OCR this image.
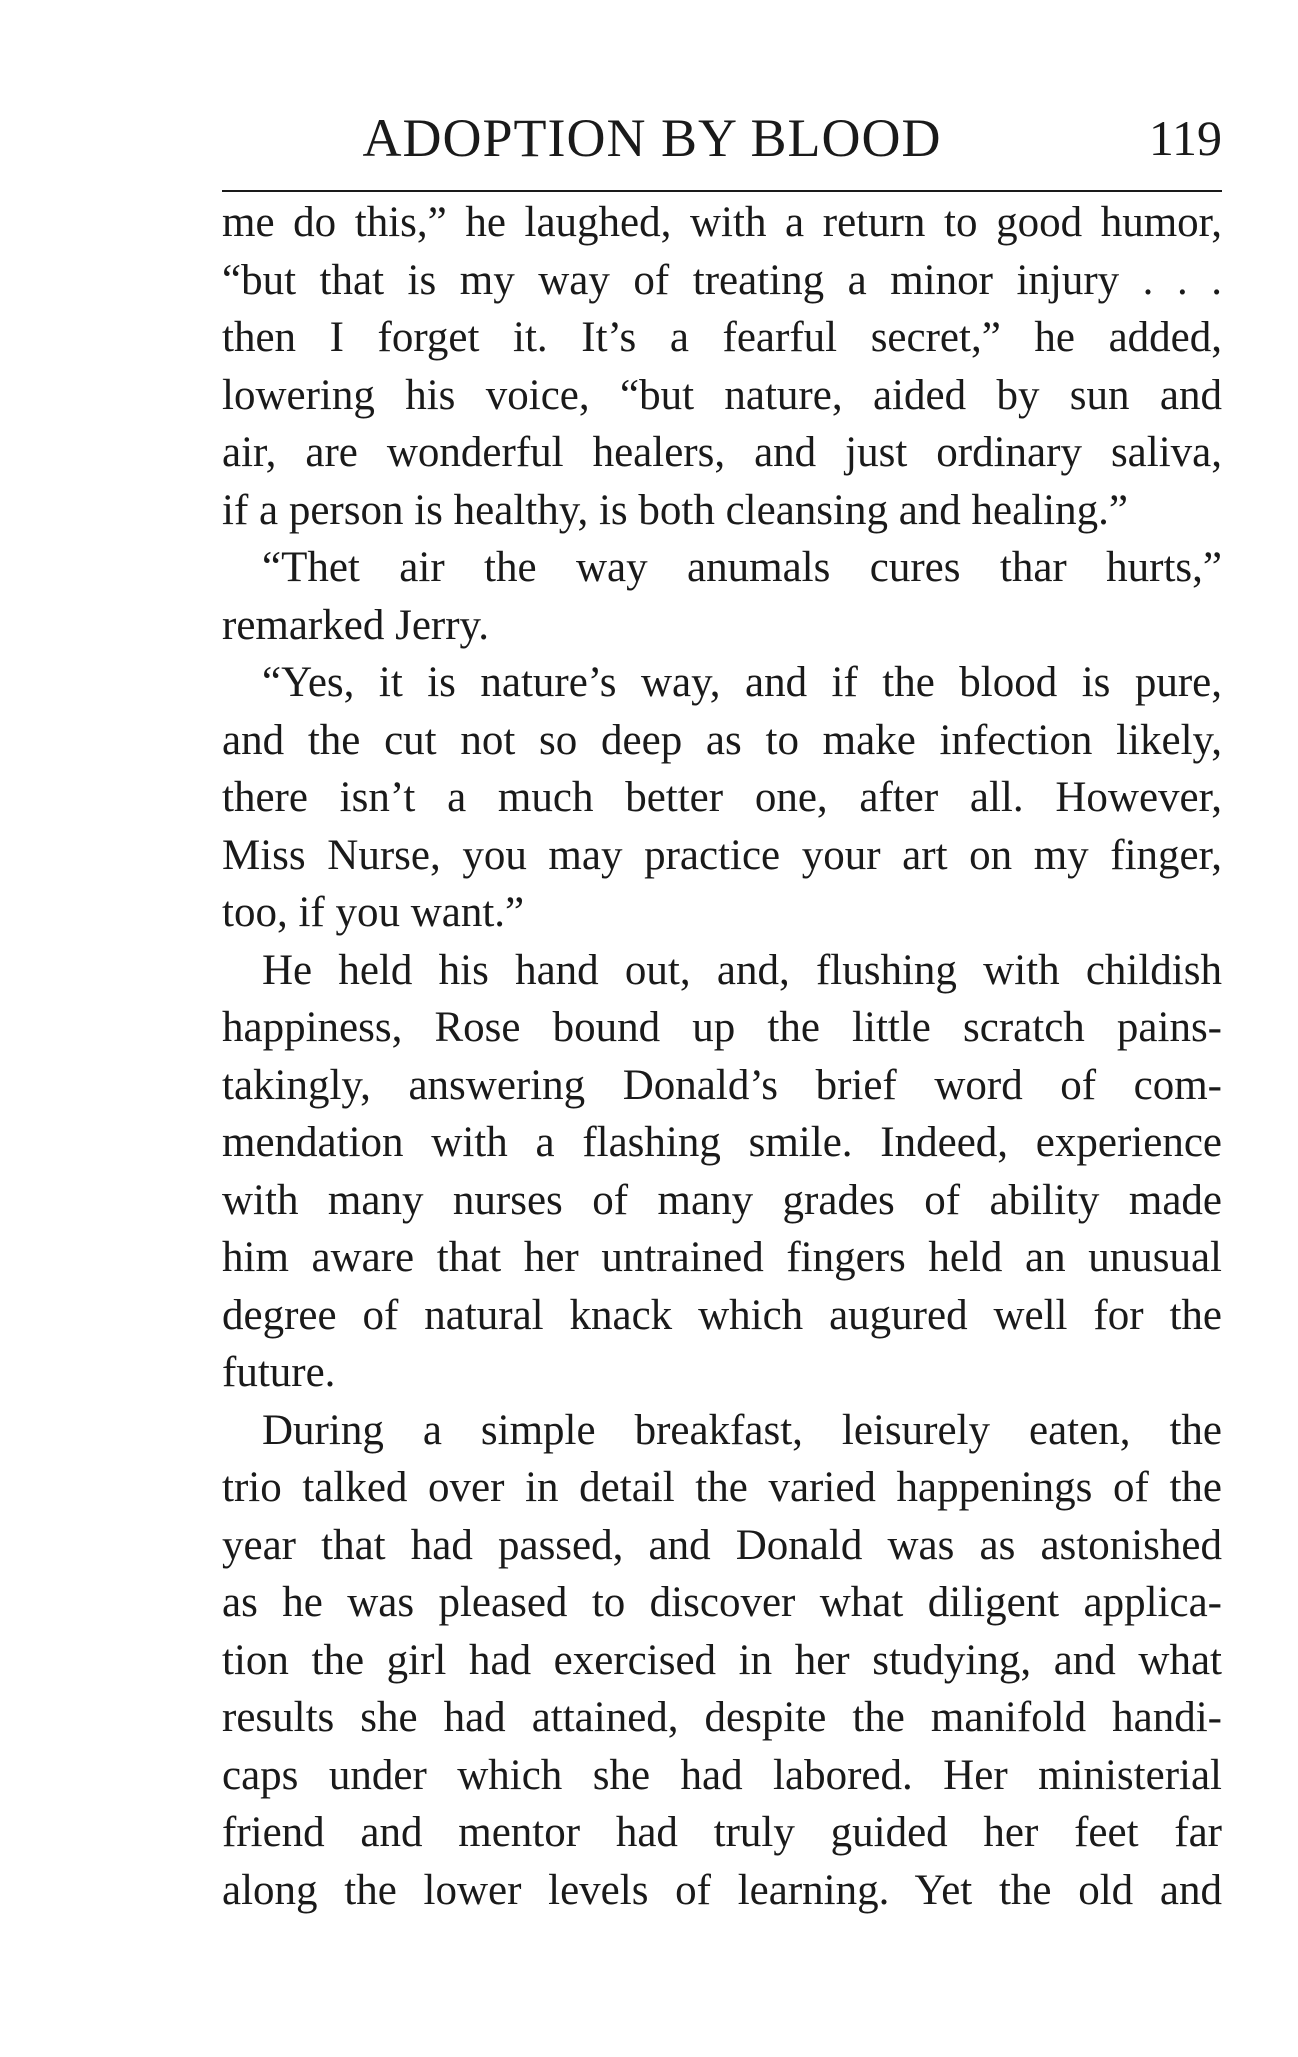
ADOPTION BY BLOOD	119
me do this,” he laughed, with a return to good humor,
“but that is my way of treating a minor injury . . .
then I forget it. It’s a fearful secret,” he added,
lowering his voice, “but nature, aided by sun and
air, are wonderful healers, and just ordinary saliva,
if a person is healthy, is both cleansing and healing.”
“Thet air the way anumals cures thar hurts,”
remarked Jerry.
“Yes, it is nature’s way, and if the blood is pure,
and the cut not so deep as to make infection likely,
there isn’t a much better one, after all. However,
Miss Nurse, you may practice your art on my finger,
too, if you want.”
He held his hand out, and, flushing with childish
happiness, Rose bound up the little scratch pains-
takingly, answering Donald’s brief word of com-
mendation with a flashing smile. Indeed, experience
with many nurses of many grades of ability made
him aware that her untrained fingers held an unusual
degree of natural knack which augured well for the
future.
During a simple breakfast, leisurely eaten, the
trio talked over in detail the varied happenings of the
year that had passed, and Donald was as astonished
as he was pleased to discover what diligent applica-
tion the girl had exercised in her studying, and what
results she had attained, despite the manifold handi-
caps under which she had labored. Her ministerial
friend and mentor had truly guided her feet far
along the lower levels of learning. Yet the old and
